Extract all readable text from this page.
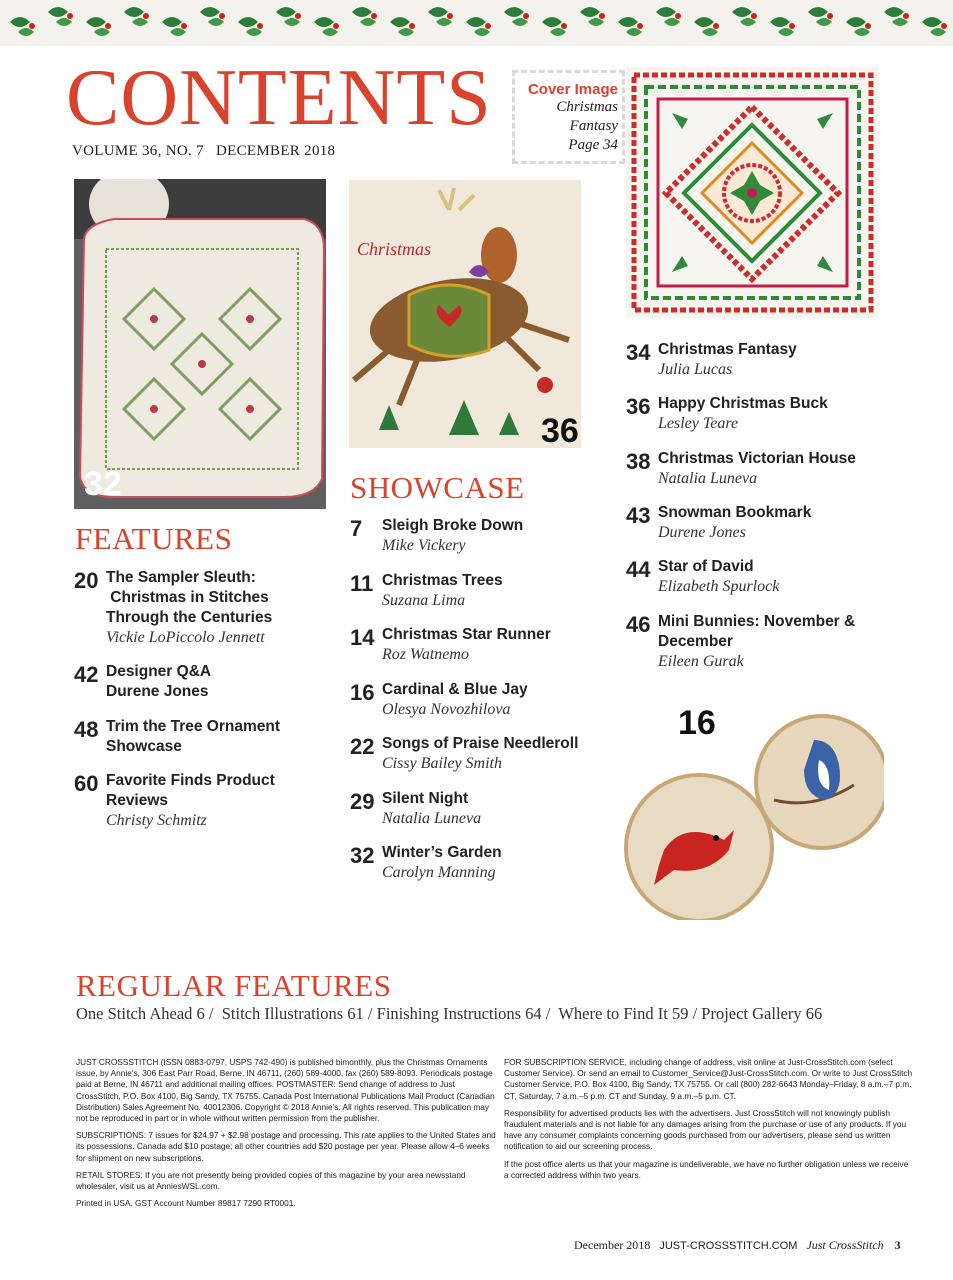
CONTENTS
VOLUME 36, NO. 7   DECEMBER 2018
Cover Image
Christmas
Fantasy
Page 34
32
Christmas
36
16
FEATURES
20 The Sampler Sleuth:
Christmas in Stitches
Through the Centuries
Vickie LoPiccolo Jennett
42 Designer Q&A
Durene Jones
48 Trim the Tree Ornament
Showcase
60 Favorite Finds Product Reviews
Christy Schmitz
SHOWCASE
7 Sleigh Broke Down
Mike Vickery
11 Christmas Trees
Suzana Lima
14 Christmas Star Runner
Roz Watnemo
16 Cardinal & Blue Jay
Olesya Novozhilova
22 Songs of Praise Needleroll
Cissy Bailey Smith
29 Silent Night
Natalia Luneva
32 Winter’s Garden
Carolyn Manning
34 Christmas Fantasy
Julia Lucas
36 Happy Christmas Buck
Lesley Teare
38 Christmas Victorian House
Natalia Luneva
43 Snowman Bookmark
Durene Jones
44 Star of David
Elizabeth Spurlock
46 Mini Bunnies: November &
December
Eileen Gurak
REGULAR FEATURES
One Stitch Ahead 6 /  Stitch Illustrations 61 / Finishing Instructions 64 /  Where to Find It 59 / Project Gallery 66

JUST CROSSSTITCH (ISSN 0883-0797, USPS 742-490) is published bimonthly, plus the Christmas Ornaments issue, by Annie’s, 306 East Parr Road, Berne, IN 46711, (260) 589-4000, fax (260) 589-8093. Periodicals postage paid at Berne, IN 46711 and additional mailing offices. POSTMASTER: Send change of address to Just CrossStitch, P.O. Box 4100, Big Sandy, TX 75755. Canada Post International Publications Mail Product (Canadian Distribution) Sales Agreement No. 40012306. Copyright © 2018 Annie’s. All rights reserved. This publication may not be reproduced in part or in whole without written permission from the publisher.

SUBSCRIPTIONS: 7 issues for $24.97 + $2.98 postage and processing. This rate applies to the United States and its possessions. Canada add $10 postage; all other countries add $20 postage per year. Please allow 4–6 weeks for shipment on new subscriptions.

RETAIL STORES: If you are not presently being provided copies of this magazine by your area newsstand wholesaler, visit us at AnniesWSL.com.

Printed in USA. GST Account Number 89817 7290 RT0001.

FOR SUBSCRIPTION SERVICE, including change of address, visit online at Just-CrossStitch.com (select Customer Service). Or send an email to Customer_Service@Just-CrossStitch.com. Or write to Just CrossStitch Customer Service, P.O. Box 4100, Big Sandy, TX 75755. Or call (800) 282-6643 Monday–Friday, 8 a.m.–7 p.m. CT, Saturday, 7 a.m.–5 p.m. CT and Sunday, 9 a.m.–5 p.m. CT.

Responsibility for advertised products lies with the advertisers. Just CrossStitch will not knowingly publish fraudulent materials and is not liable for any damages arising from the purchase or use of any products. If you have any consumer complaints concerning goods purchased from our advertisers, please send us written notification to aid our screening process.

If the post office alerts us that your magazine is undeliverable, we have no further obligation unless we receive a corrected address within two years.

December 2018 JUST-CROSSSTITCH.COM Just CrossStitch 3
